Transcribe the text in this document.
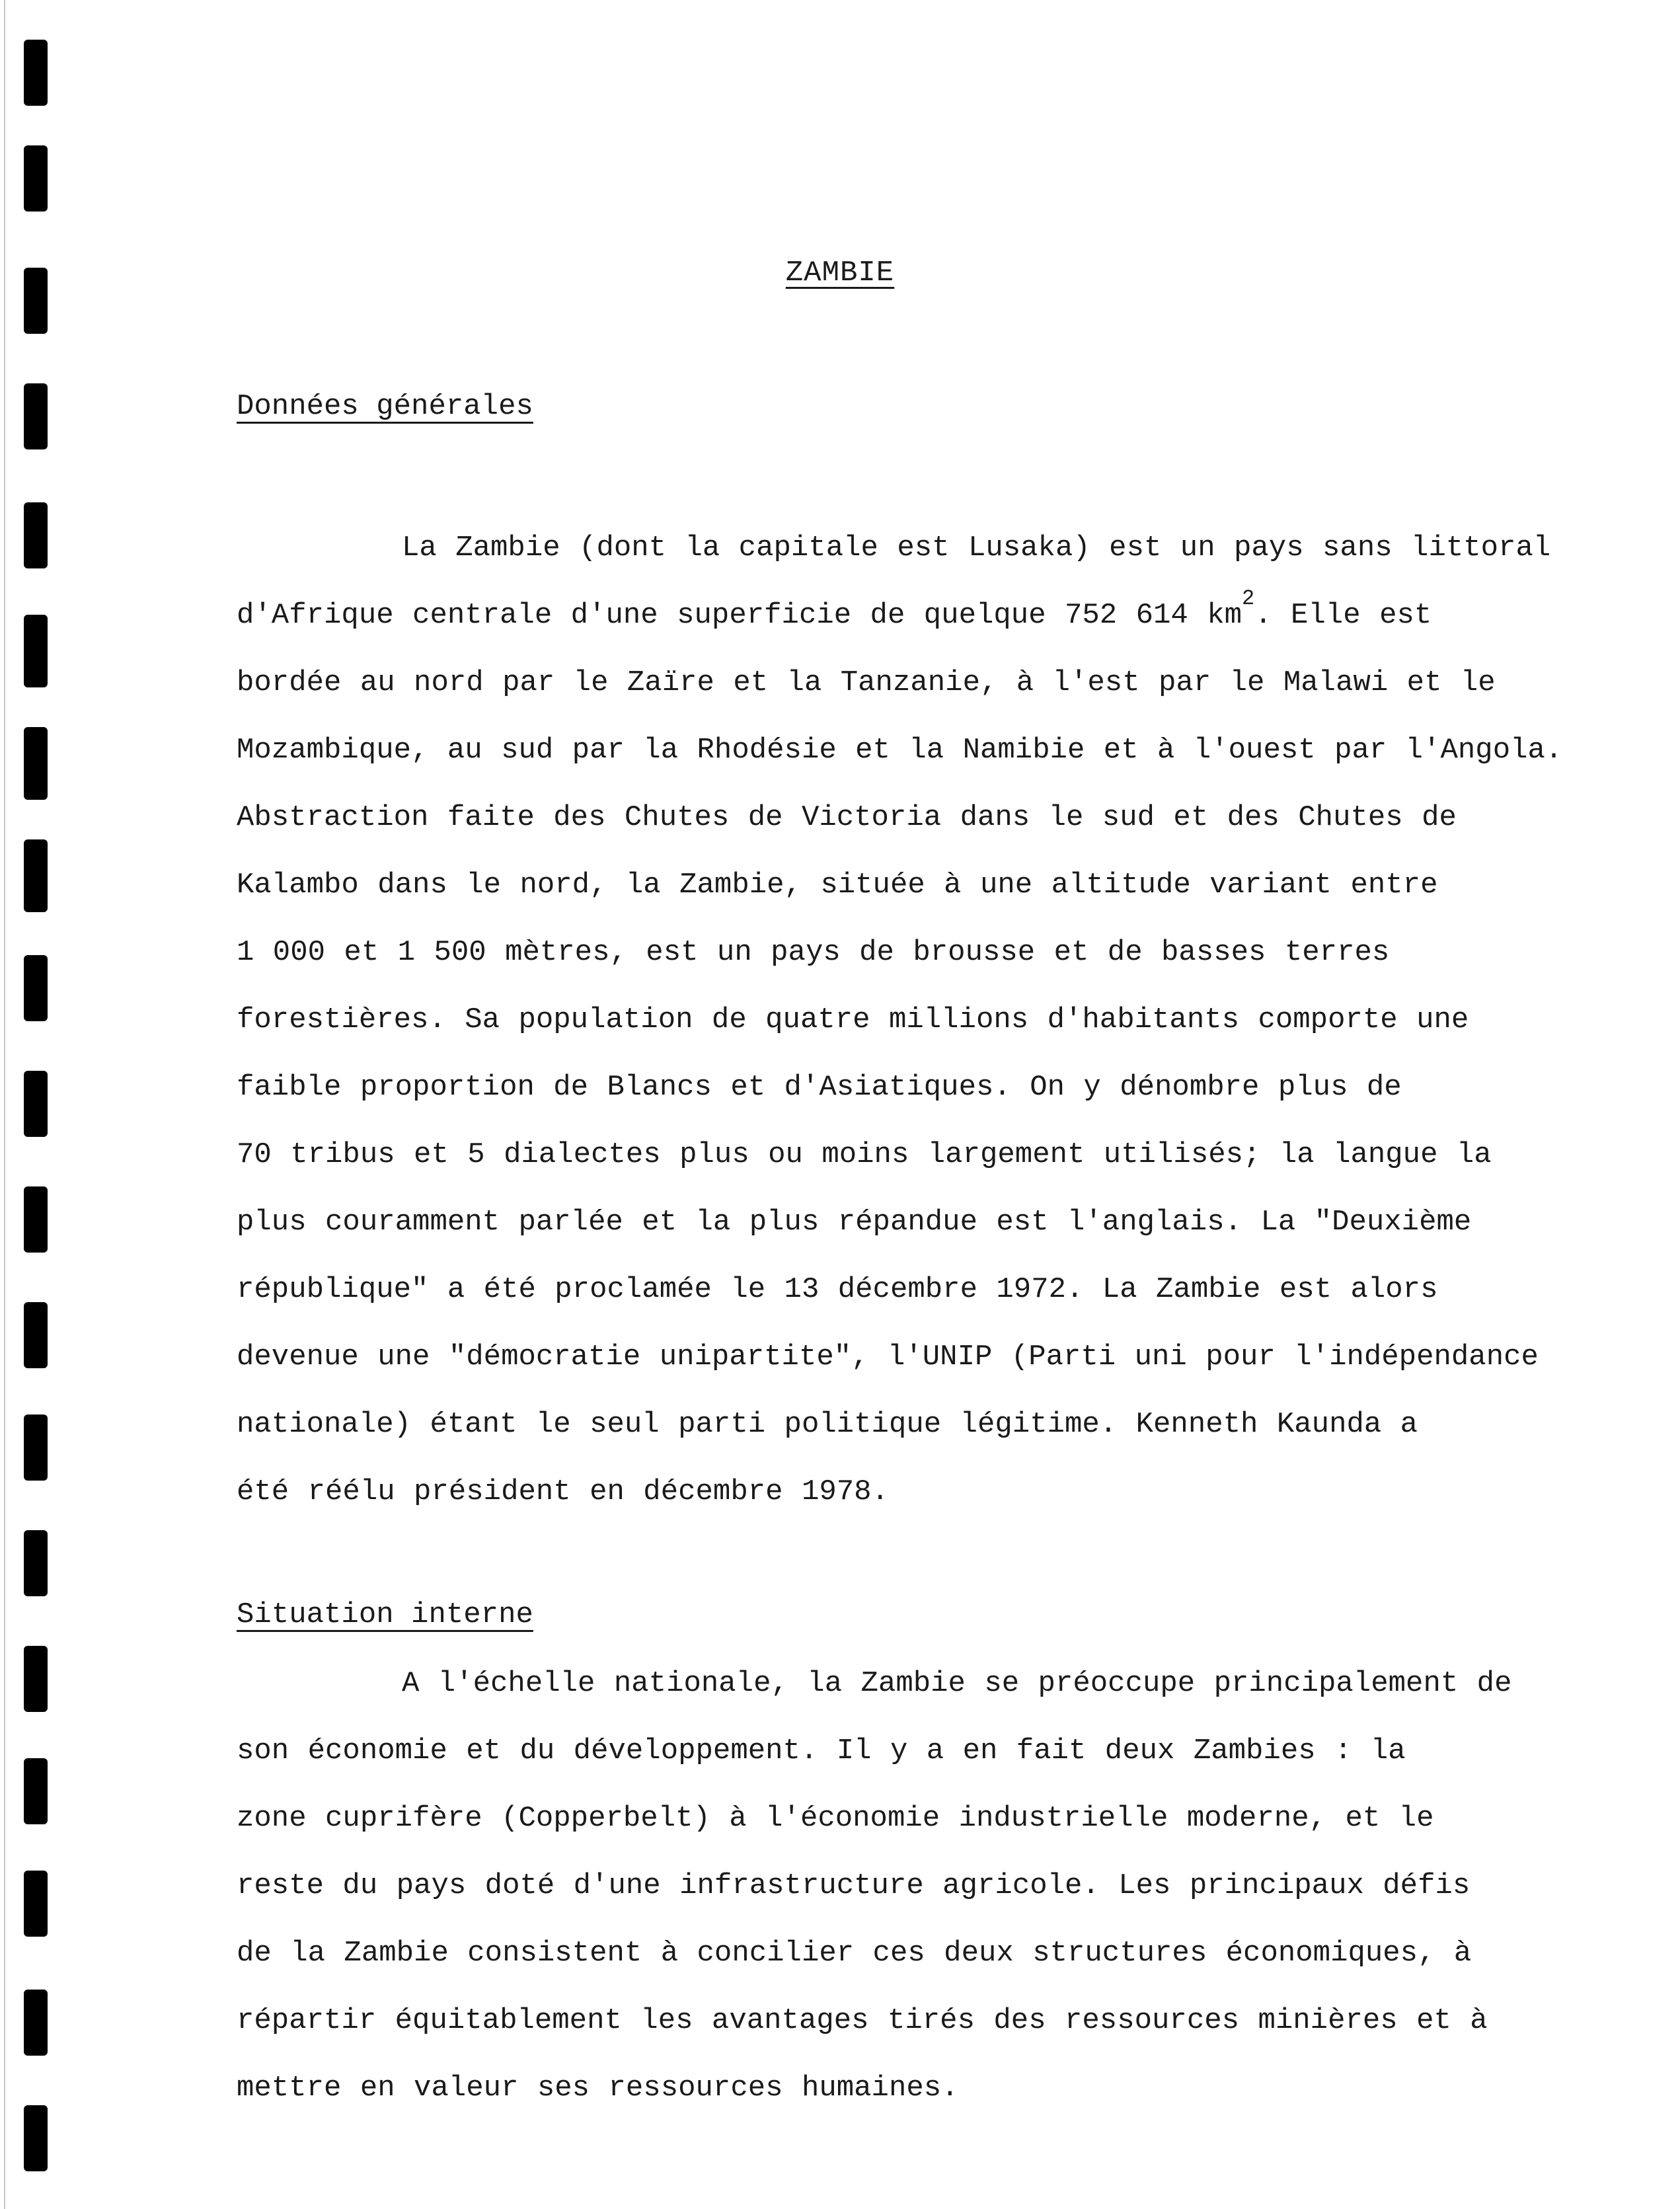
ZAMBIE
Données générales
La Zambie (dont la capitale est Lusaka) est un pays sans littoral
d'Afrique centrale d'une superficie de quelque 752 614 $km^2$. Elle est
bordée au nord par le Zaïre et la Tanzanie, à l'est par le Malawi et le
Mozambique, au sud par la Rhodésie et la Namibie et à l'ouest par l'Angola.
Abstraction faite des Chutes de Victoria dans le sud et des Chutes de
Kalambo dans le nord, la Zambie, située à une altitude variant entre
1 000 et 1 500 mètres, est un pays de brousse et de basses terres
forestières. Sa population de quatre millions d'habitants comporte une
faible proportion de Blancs et d'Asiatiques. On y dénombre plus de
70 tribus et 5 dialectes plus ou moins largement utilisés; la langue la
plus couramment parlée et la plus répandue est l'anglais. La "Deuxième
république" a été proclamée le 13 décembre 1972. La Zambie est alors
devenue une "démocratie unipartite", l'UNIP (Parti uni pour l'indépendance
nationale) étant le seul parti politique légitime. Kenneth Kaunda a
été réélu président en décembre 1978.
Situation interne
A l'échelle nationale, la Zambie se préoccupe principalement de
son économie et du développement. Il y a en fait deux Zambies : la
zone cuprifère (Copperbelt) à l'économie industrielle moderne, et le
reste du pays doté d'une infrastructure agricole. Les principaux défis
de la Zambie consistent à concilier ces deux structures économiques, à
répartir équitablement les avantages tirés des ressources minières et à
mettre en valeur ses ressources humaines.
